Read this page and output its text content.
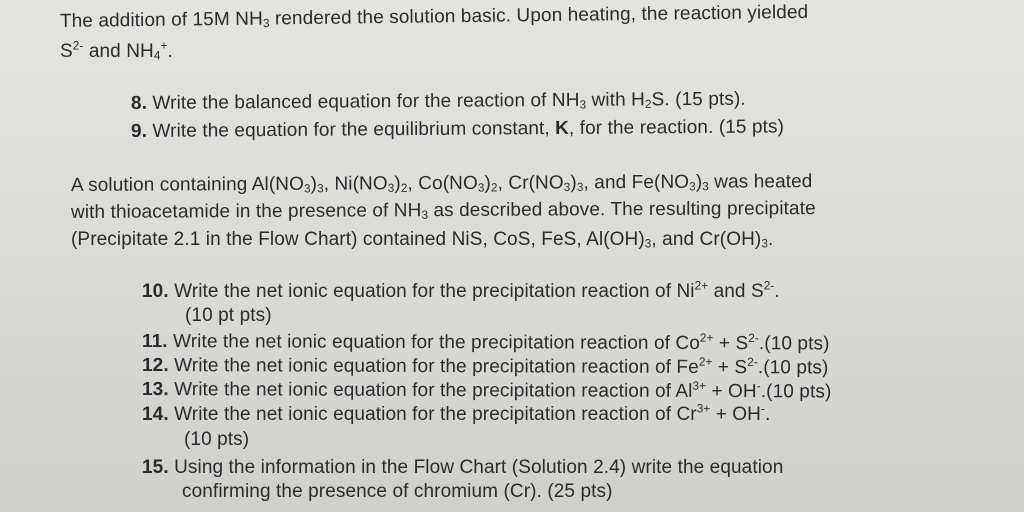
The addition of 15M $NH_3$ rendered the solution basic. Upon heating, the reaction yielded
$S^{2-}$ and $NH_4^+$.
8. Write the balanced equation for the reaction of $NH_3$ with $H_2S$. (15 pts).
9. Write the equation for the equilibrium constant, K, for the reaction. (15 pts)
A solution containing $Al(NO_3)_3$, $Ni(NO_3)_2$, $Co(NO_3)_2$, $Cr(NO_3)_3$, and $Fe(NO_3)_3$ was heated
with thioacetamide in the presence of $NH_3$ as described above. The resulting precipitate
(Precipitate 2.1 in the Flow Chart) contained NiS, CoS, FeS, $Al(OH)_3$, and $Cr(OH)_3$.
10. Write the net ionic equation for the precipitation reaction of $Ni^{2+}$ and $S^{2-}$.
(10 pt pts)
11. Write the net ionic equation for the precipitation reaction of $Co^{2+} + S^{2-}.(10$ pts)
12. Write the net ionic equation for the precipitation reaction of $Fe^{2+} + S^{2-}.(10$ pts)
13. Write the net ionic equation for the precipitation reaction of $Al^{3+} + OH^-.(10$ pts)
14. Write the net ionic equation for the precipitation reaction of $Cr^{3+} + OH^-$.
(10 pts)
15. Using the information in the Flow Chart (Solution 2.4) write the equation
confirming the presence of chromium (Cr). (25 pts)
